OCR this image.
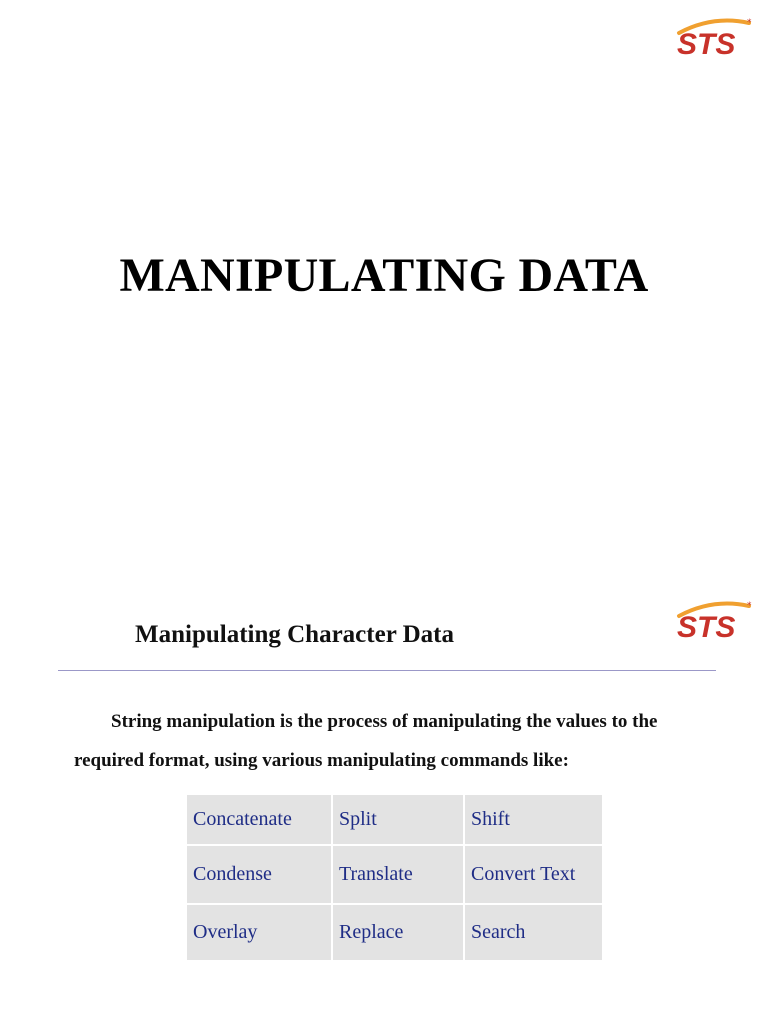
*
STS
MANIPULATING DATA
*
STS
Manipulating Character Data
String manipulation is the process of manipulating the values to the
required format, using various manipulating commands like:
Concatenate	Split	Shift
Condense	Translate	Convert Text
Overlay	Replace	Search
